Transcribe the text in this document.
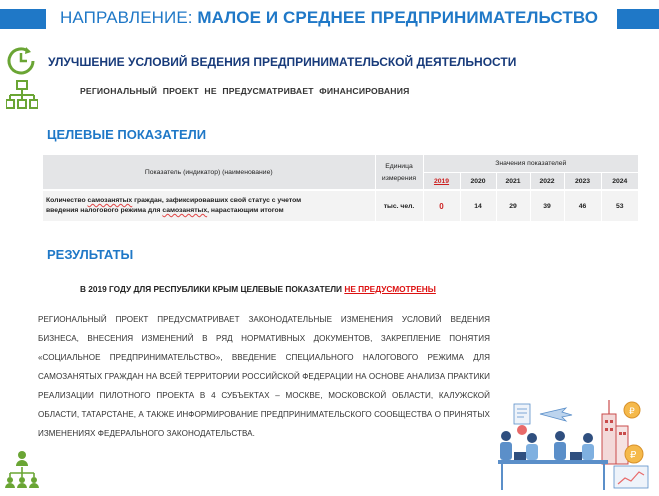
НАПРАВЛЕНИЕ: МАЛОЕ И СРЕДНЕЕ ПРЕДПРИНИМАТЕЛЬСТВО
УЛУЧШЕНИЕ УСЛОВИЙ ВЕДЕНИЯ ПРЕДПРИНИМАТЕЛЬСКОЙ ДЕЯТЕЛЬНОСТИ
РЕГИОНАЛЬНЫЙ ПРОЕКТ НЕ ПРЕДУСМАТРИВАЕТ ФИНАНСИРОВАНИЯ
ЦЕЛЕВЫЕ ПОКАЗАТЕЛИ
Показатель (индикатор) (наименование)	Единица
измерения	Значения показателей					
		2019	2020	2021	2022	2023	2024
Количество самозанятых граждан, зафиксировавших свой статус с учетом
введения налогового режима для самозанятых, нарастающим итогом	тыс. чел.	0	14	29	39	46	53
РЕЗУЛЬТАТЫ
В 2019 ГОДУ ДЛЯ РЕСПУБЛИКИ КРЫМ ЦЕЛЕВЫЕ ПОКАЗАТЕЛИ НЕ ПРЕДУСМОТРЕНЫ
РЕГИОНАЛЬНЫЙ ПРОЕКТ ПРЕДУСМАТРИВАЕТ ЗАКОНОДАТЕЛЬНЫЕ ИЗМЕНЕНИЯ УСЛОВИЙ ВЕДЕНИЯ БИЗНЕСА, ВНЕСЕНИЯ ИЗМЕНЕНИЙ В РЯД НОРМАТИВНЫХ ДОКУМЕНТОВ, ЗАКРЕПЛЕНИЕ ПОНЯТИЯ «СОЦИАЛЬНОЕ ПРЕДПРИНИМАТЕЛЬСТВО», ВВЕДЕНИЕ СПЕЦИАЛЬНОГО НАЛОГОВОГО РЕЖИМА ДЛЯ САМОЗАНЯТЫХ ГРАЖДАН НА ВСЕЙ ТЕРРИТОРИИ РОССИЙСКОЙ ФЕДЕРАЦИИ НА ОСНОВЕ АНАЛИЗА ПРАКТИКИ РЕАЛИЗАЦИИ ПИЛОТНОГО ПРОЕКТА В 4 СУБЪЕКТАХ – МОСКВЕ, МОСКОВСКОЙ ОБЛАСТИ, КАЛУЖСКОЙ ОБЛАСТИ, ТАТАРСТАНЕ, А ТАКЖЕ ИНФОРМИРОВАНИЕ ПРЕДПРИНИМАТЕЛЬСКОГО СООБЩЕСТВА О ПРИНЯТЫХ ИЗМЕНЕНИЯХ ФЕДЕРАЛЬНОГО ЗАКОНОДАТЕЛЬСТВА.
₽
₽
